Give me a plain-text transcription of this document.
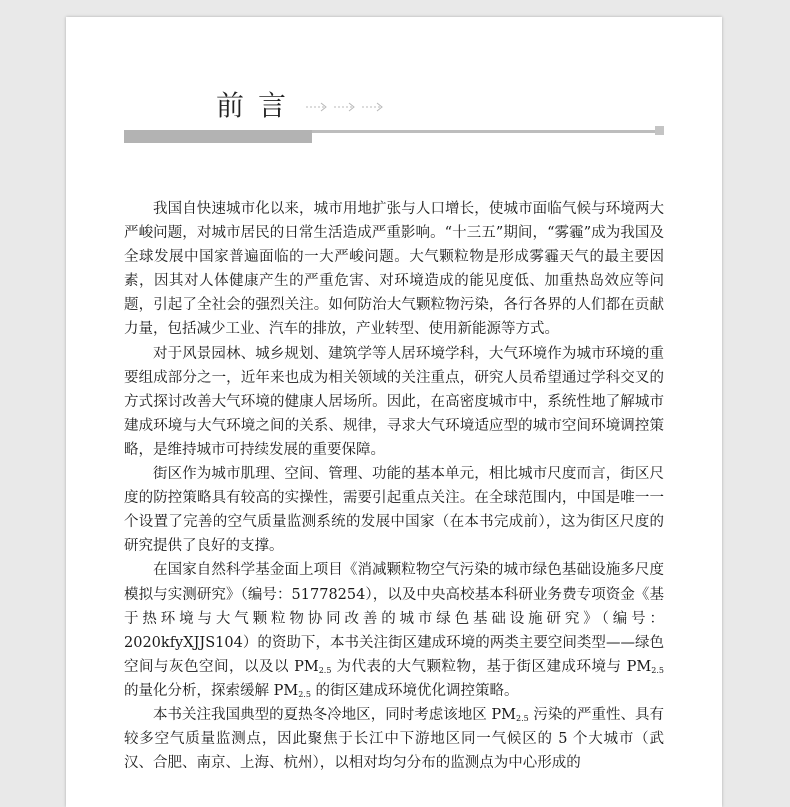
前言

我国自快速城市化以来，城市用地扩张与人口增长，使城市面临气候与环境两大严峻问题，对城市居民的日常生活造成严重影响。“十三五”期间，“雾霾”成为我国及全球发展中国家普遍面临的一大严峻问题。大气颗粒物是形成雾霾天气的最主要因素，因其对人体健康产生的严重危害、对环境造成的能见度低、加重热岛效应等问题，引起了全社会的强烈关注。如何防治大气颗粒物污染，各行各界的人们都在贡献力量，包括减少工业、汽车的排放，产业转型、使用新能源等方式。

对于风景园林、城乡规划、建筑学等人居环境学科，大气环境作为城市环境的重要组成部分之一，近年来也成为相关领域的关注重点，研究人员希望通过学科交叉的方式探讨改善大气环境的健康人居场所。因此，在高密度城市中，系统性地了解城市建成环境与大气环境之间的关系、规律，寻求大气环境适应型的城市空间环境调控策略，是维持城市可持续发展的重要保障。

街区作为城市肌理、空间、管理、功能的基本单元，相比城市尺度而言，街区尺度的防控策略具有较高的实操性，需要引起重点关注。在全球范围内，中国是唯一一个设置了完善的空气质量监测系统的发展中国家（在本书完成前），这为街区尺度的研究提供了良好的支撑。

在国家自然科学基金面上项目《消减颗粒物空气污染的城市绿色基础设施多尺度模拟与实测研究》（编号：51778254），以及中央高校基本科研业务费专项资金《基于热环境与大气颗粒物协同改善的城市绿色基础设施研究》（编号：2020kfyXJJS104）的资助下，本书关注街区建成环境的两类主要空间类型——绿色空间与灰色空间，以及以 $PM_{2.5}$ 为代表的大气颗粒物，基于街区建成环境与 $PM_{2.5}$ 的量化分析，探索缓解 $PM_{2.5}$ 的街区建成环境优化调控策略。

本书关注我国典型的夏热冬冷地区，同时考虑该地区 $PM_{2.5}$ 污染的严重性、具有较多空气质量监测点，因此聚焦于长江中下游地区同一气候区的 5 个大城市（武汉、合肥、南京、上海、杭州），以相对均匀分布的监测点为中心形成的
